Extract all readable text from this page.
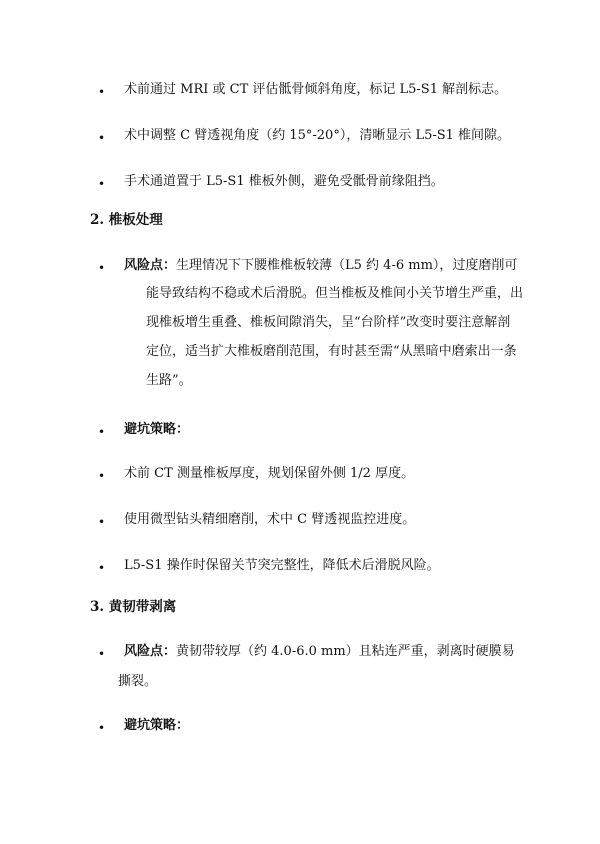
• 术前通过 MRI 或 CT 评估骶骨倾斜角度，标记 L5-S1 解剖标志。
• 术中调整 C 臂透视角度（约 15°-20°），清晰显示 L5-S1 椎间隙。
• 手术通道置于 L5-S1 椎板外侧，避免受骶骨前缘阻挡。
2. 椎板处理
• 风险点：生理情况下下腰椎椎板较薄（L5 约 4-6 mm），过度磨削可
能导致结构不稳或术后滑脱。但当椎板及椎间小关节增生严重，出
现椎板增生重叠、椎板间隙消失，呈“台阶样”改变时要注意解剖
定位，适当扩大椎板磨削范围，有时甚至需“从黑暗中磨索出一条
生路”。
• 避坑策略：
• 术前 CT 测量椎板厚度，规划保留外侧 1/2 厚度。
• 使用微型钻头精细磨削，术中 C 臂透视监控进度。
• L5-S1 操作时保留关节突完整性，降低术后滑脱风险。
3. 黄韧带剥离
• 风险点：黄韧带较厚（约 4.0-6.0 mm）且粘连严重，剥离时硬膜易
撕裂。
• 避坑策略：
